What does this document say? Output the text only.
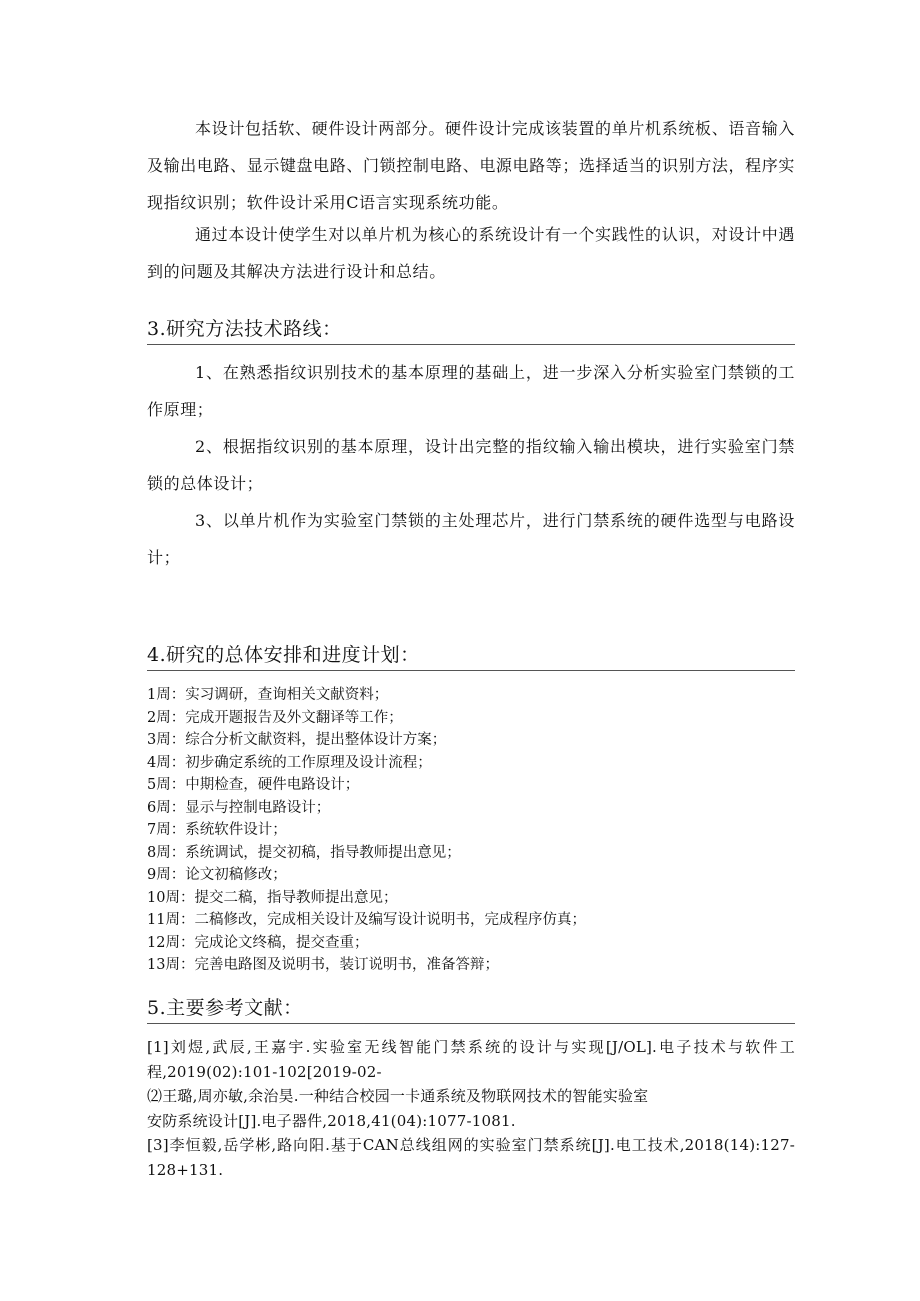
本设计包括软、硬件设计两部分。硬件设计完成该装置的单片机系统板、语音输入及输出电路、显示键盘电路、门锁控制电路、电源电路等；选择适当的识别方法，程序实现指纹识别；软件设计采用C语言实现系统功能。

通过本设计使学生对以单片机为核心的系统设计有一个实践性的认识，对设计中遇到的问题及其解决方法进行设计和总结。

3.研究方法技术路线：

1、在熟悉指纹识别技术的基本原理的基础上，进一步深入分析实验室门禁锁的工作原理；

2、根据指纹识别的基本原理，设计出完整的指纹输入输出模块，进行实验室门禁锁的总体设计；

3、以单片机作为实验室门禁锁的主处理芯片，进行门禁系统的硬件选型与电路设计；

4.研究的总体安排和进度计划：
1周：实习调研，查询相关文献资料；
2周：完成开题报告及外文翻译等工作；
3周：综合分析文献资料，提出整体设计方案；
4周：初步确定系统的工作原理及设计流程；
5周：中期检查，硬件电路设计；
6周：显示与控制电路设计；
7周：系统软件设计；
8周：系统调试，提交初稿，指导教师提出意见；
9周：论文初稿修改；
10周：提交二稿，指导教师提出意见；
11周：二稿修改，完成相关设计及编写设计说明书，完成程序仿真；
12周：完成论文终稿，提交查重；
13周：完善电路图及说明书，装订说明书，准备答辩；
5.主要参考文献：
[1]刘煜,武辰,王嘉宇.实验室无线智能门禁系统的设计与实现[J/OL].电子技术与软件工程,2019(02):101-102[2019-02-
⑵王璐,周亦敏,余治昊.一种结合校园一卡通系统及物联网技术的智能实验室
安防系统设计[J].电子器件,2018,41(04):1077-1081.
[3]李恒毅,岳学彬,路向阳.基于CAN总线组网的实验室门禁系统[J].电工技术,2018(14):127-128+131.
